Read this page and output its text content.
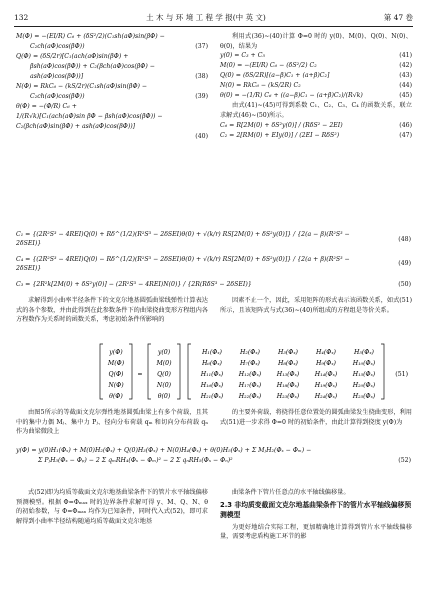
132	土 木 与 环 境 工 程 学 报(中 英 文)	第 47 卷
M(Φ) = −(EI/R) C₆ + (δS²/2)(C₁sh(aΦ)sin(βΦ) −
C₂ch(aΦ)cos(βΦ))	(37)
Q(Φ) = (δS/2r)[C₁(ach(aΦ)sin(βΦ) +
βsh(aΦ)cos(βΦ)) + C₂(βch(aΦ)cos(βΦ) −
ash(aΦ)cos(βΦ))]	(38)
N(Φ) = RkC₆ − (kS/2r)(C₁sh(aΦ)sin(βΦ) −
C₂ch(aΦ)cos(βΦ))	(39)
θ(Φ) = −(Φ/R) C₆ +
1/(R√k)[C₁(ach(aΦ)sin βΦ − βsh(aΦ)cos(βΦ)) −
C₂(βch(aΦ)sin(βΦ) + ash(aΦ)cos(βΦ))]
(40)

利用式(36)~(40)计算 Φ=0 时的 y(0)、M(0)、Q(0)、N(0)、θ(0)，结果为

y(0) = C₃ + C₅	(41)
M(0) = −(EI/R) C₆ − (δS²/2) C₂	(42)
Q(0) = (δS/2R)[(a−β)C₁ + (a+β)C₂]	(43)
N(0) = RkC₆ − (kS/2R) C₂	(44)
θ(0) = −(1/R) C₆ + ((a−β)C₁ − (a+β)C₂)/(R√k)	(45)

由式(41)~(45)可得到系数 C₁、C₂、C₃、C₄ 的函数关系，联立求解式(46)~(50)所示。

C₆ = R[2M(0) + δS²y(0)] / (RδS² − 2EI)	(46)
C₂ = 2[RM(0) + EIy(0)] / (2EI − RδS²)	(47)
C₁ = {(2R²S³ − 4REI)Q(0) + Rδ^(1/2)(R²S³ − 2δSEI)θ(0) + √(k/r) RS[2M(0) + δS²y(0)]} / {2(a − β)(R²S³ − 2δSEI)}
(48)
C₄ = {(2R²S³ − 4REI)Q(0) − Rδ^(1/2)(R²S³ − 2δSEI)θ(0) + √(k/r) RS[2M(0) + δS²y(0)]} / {2(a + β)(R²S³ − 2δSEI)}
(49)
C₃ = {2R²k[2M(0) + δS²y(0)] − (2R²S³ − 4REI)N(0)} / {2R(RδS³ − 2δSEI)}	(50)

求解得到小曲率半径条件下的文克尔地基圆弧曲梁线弹性计算表达式的各个参数，并由此得到在此参数条件下的曲梁挠曲变形方程组内各方程数作为关系时的函数关系，考虑初始条件所影响的

因素不止一个，因此，采用矩阵的形式表示该函数关系，如式(51)所示，且该矩阵式与式(36)~(40)所组成的方程组是等价关系。

y(Φ)
M(Φ)
Q(Φ)
N(Φ)
θ(Φ)
=
y(0)
M(0)
Q(0)
N(0)
θ(0)
H₁(Φₓ)	H₂(Φₓ)	H₃(Φₓ)	H₄(Φₓ)	H₅(Φₓ)
H₆(Φₓ)	H₇(Φₓ)	H₈(Φₓ)	H₉(Φₓ)	H₁₀(Φₓ)
H₁₁(Φₓ)	H₁₂(Φₓ)	H₁₃(Φₓ)	H₁₄(Φₓ)	H₁₅(Φₓ)
H₁₆(Φₓ)	H₁₇(Φₓ)	H₁₈(Φₓ)	H₁₉(Φₓ)	H₂₀(Φₓ)
H₂₁(Φₓ)	H₂₂(Φₓ)	H₂₃(Φₓ)	H₂₄(Φₓ)	H₂₅(Φₓ)
(51)

由图5所示的等截面文克尔弹性地基圆弧曲梁上有多个荷载，且其中的集中力偶 Mⱼ、集中力 Pⱼ、径向分布荷载 qₘ 和切向分布荷载 qₙ 作为曲梁微段上

的主要外荷载，将挠得任意位置处的圆弧曲梁发生挠曲变形，利用式(51)进一步求得 Φ=0 时的初始条件，由此计算得到挠度 y(Φ)为

y(Φ) = y(0)H₁(Φₓ) + M(0)H₂(Φₓ) + Q(0)H₃(Φₓ) + N(0)H₄(Φₓ) + θ(0)H₅(Φₓ) + Σ MⱼH₂(Φₓ − Φₘ) −
Σ PⱼH₃(Φₓ − Φₚ) − 2 Σ qₘRH₄(Φₓ − Φₘ)² − 2 Σ qₙRH₅(Φₓ − Φₙ)²	(52)

式(52)即为均质等截面文克尔地基曲梁条件下的管片水平轴线偏移预测模型。根据 Φ=Φₘₐₓ 时的边界条件求解可得 y、M、Q、N、θ 的初始参数，与 Φ=Φₘₐₓ 均作为已知条件，同时代入式(52)，即可求解得到小曲率半径结构随通均质等截面文克尔地基

曲梁条件下管片任意点的水平轴线偏移量。

2.3 非均质变截面文克尔地基曲梁条件下的管片水平轴线偏移预测模型

为更好地结合实际工程，更加精确地计算得到管片水平轴线偏移量，需要考虑盾构施工环节的影
